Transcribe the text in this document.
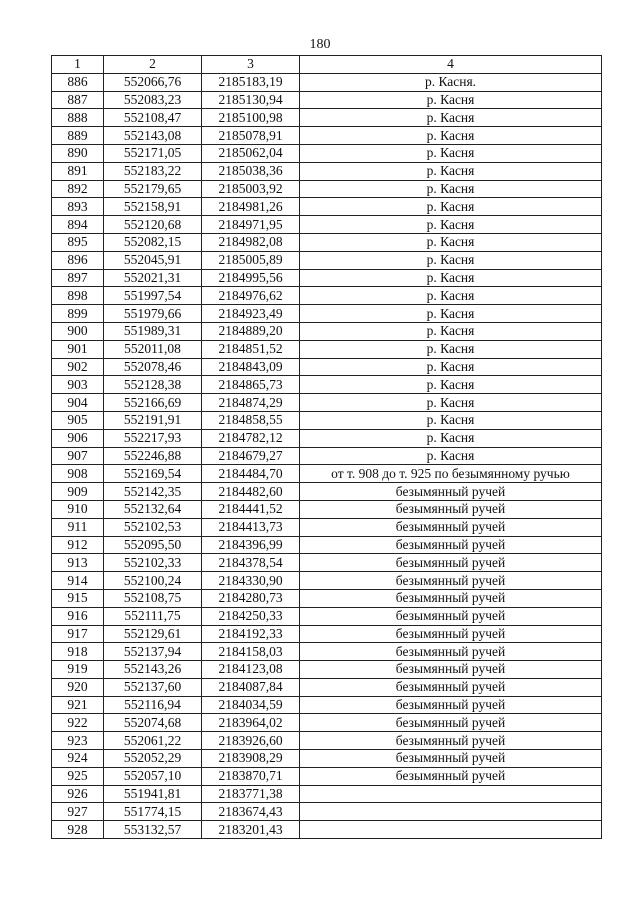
180
1	2	3	4
886	552066,76	2185183,19	р. Касня.
887	552083,23	2185130,94	р. Касня
888	552108,47	2185100,98	р. Касня
889	552143,08	2185078,91	р. Касня
890	552171,05	2185062,04	р. Касня
891	552183,22	2185038,36	р. Касня
892	552179,65	2185003,92	р. Касня
893	552158,91	2184981,26	р. Касня
894	552120,68	2184971,95	р. Касня
895	552082,15	2184982,08	р. Касня
896	552045,91	2185005,89	р. Касня
897	552021,31	2184995,56	р. Касня
898	551997,54	2184976,62	р. Касня
899	551979,66	2184923,49	р. Касня
900	551989,31	2184889,20	р. Касня
901	552011,08	2184851,52	р. Касня
902	552078,46	2184843,09	р. Касня
903	552128,38	2184865,73	р. Касня
904	552166,69	2184874,29	р. Касня
905	552191,91	2184858,55	р. Касня
906	552217,93	2184782,12	р. Касня
907	552246,88	2184679,27	р. Касня
908	552169,54	2184484,70	от т. 908 до т. 925 по безымянному ручью
909	552142,35	2184482,60	безымянный ручей
910	552132,64	2184441,52	безымянный ручей
911	552102,53	2184413,73	безымянный ручей
912	552095,50	2184396,99	безымянный ручей
913	552102,33	2184378,54	безымянный ручей
914	552100,24	2184330,90	безымянный ручей
915	552108,75	2184280,73	безымянный ручей
916	552111,75	2184250,33	безымянный ручей
917	552129,61	2184192,33	безымянный ручей
918	552137,94	2184158,03	безымянный ручей
919	552143,26	2184123,08	безымянный ручей
920	552137,60	2184087,84	безымянный ручей
921	552116,94	2184034,59	безымянный ручей
922	552074,68	2183964,02	безымянный ручей
923	552061,22	2183926,60	безымянный ручей
924	552052,29	2183908,29	безымянный ручей
925	552057,10	2183870,71	безымянный ручей
926	551941,81	2183771,38	
927	551774,15	2183674,43	
928	553132,57	2183201,43	
